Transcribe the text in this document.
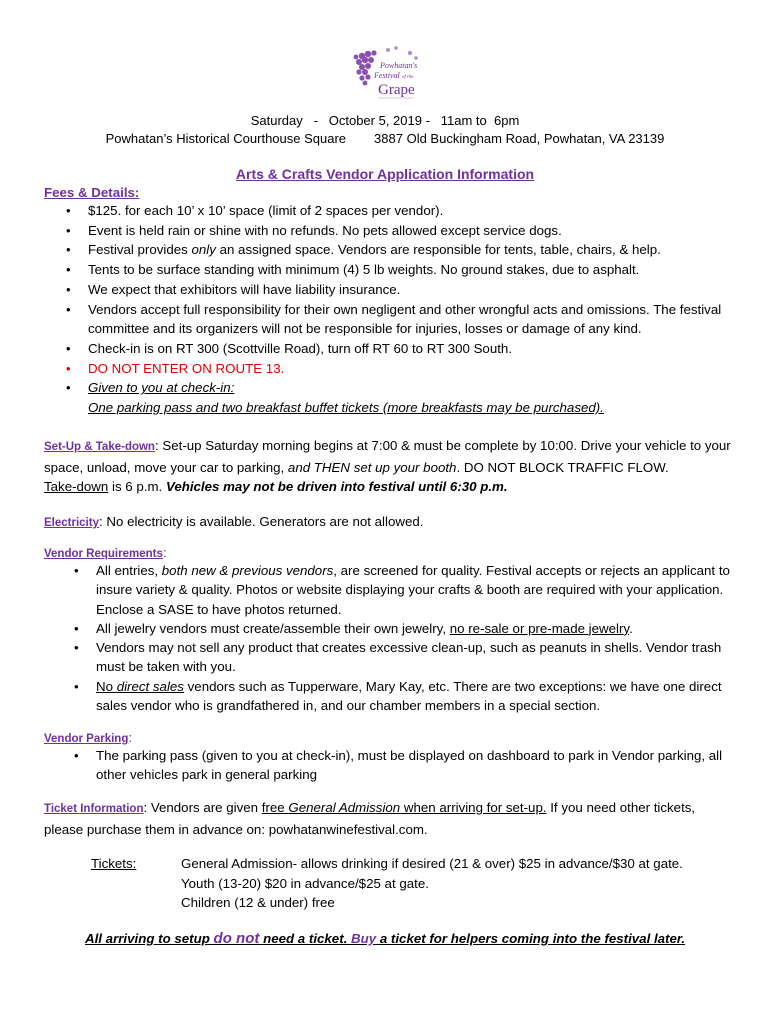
Powhatan's
Festival of the
Grape
Saturday   -   October 5, 2019 -   11am to  6pm
Powhatan’s Historical Courthouse Square 3887 Old Buckingham Road, Powhatan, VA 23139
Arts & Crafts Vendor Application Information
Fees & Details:
• $125. for each 10’ x 10’ space (limit of 2 spaces per vendor).
• Event is held rain or shine with no refunds. No pets allowed except service dogs.
• Festival provides only an assigned space. Vendors are responsible for tents, table, chairs, & help.
• Tents to be surface standing with minimum (4) 5 lb weights. No ground stakes, due to asphalt.
• We expect that exhibitors will have liability insurance.
• Vendors accept full responsibility for their own negligent and other wrongful acts and omissions. The festival committee and its organizers will not be responsible for injuries, losses or damage of any kind.
• Check-in is on RT 300 (Scottville Road), turn off RT 60 to RT 300 South.
• DO NOT ENTER ON ROUTE 13.
• Given to you at check-in:
One parking pass and two breakfast buffet tickets (more breakfasts may be purchased).
Set-Up & Take-down: Set-up Saturday morning begins at 7:00 & must be complete by 10:00. Drive your vehicle to your space, unload, move your car to parking, and THEN set up your booth. DO NOT BLOCK TRAFFIC FLOW.
Take-down is 6 p.m. Vehicles may not be driven into festival until 6:30 p.m.
Electricity: No electricity is available. Generators are not allowed.
Vendor Requirements:
• All entries, both new & previous vendors, are screened for quality. Festival accepts or rejects an applicant to insure variety & quality. Photos or website displaying your crafts & booth are required with your application. Enclose a SASE to have photos returned.
• All jewelry vendors must create/assemble their own jewelry, no re-sale or pre-made jewelry.
• Vendors may not sell any product that creates excessive clean-up, such as peanuts in shells. Vendor trash must be taken with you.
• No direct sales vendors such as Tupperware, Mary Kay, etc. There are two exceptions: we have one direct sales vendor who is grandfathered in, and our chamber members in a special section.
Vendor Parking:
• The parking pass (given to you at check-in), must be displayed on dashboard to park in Vendor parking, all other vehicles park in general parking
Ticket Information: Vendors are given free General Admission when arriving for set-up. If you need other tickets, please purchase them in advance on: powhatanwinefestival.com.
Tickets:	General Admission- allows drinking if desired (21 & over) $25 in advance/$30 at gate.
Youth (13-20) $20 in advance/$25 at gate.
Children (12 & under) free
All arriving to setup do not need a ticket. Buy a ticket for helpers coming into the festival later.
